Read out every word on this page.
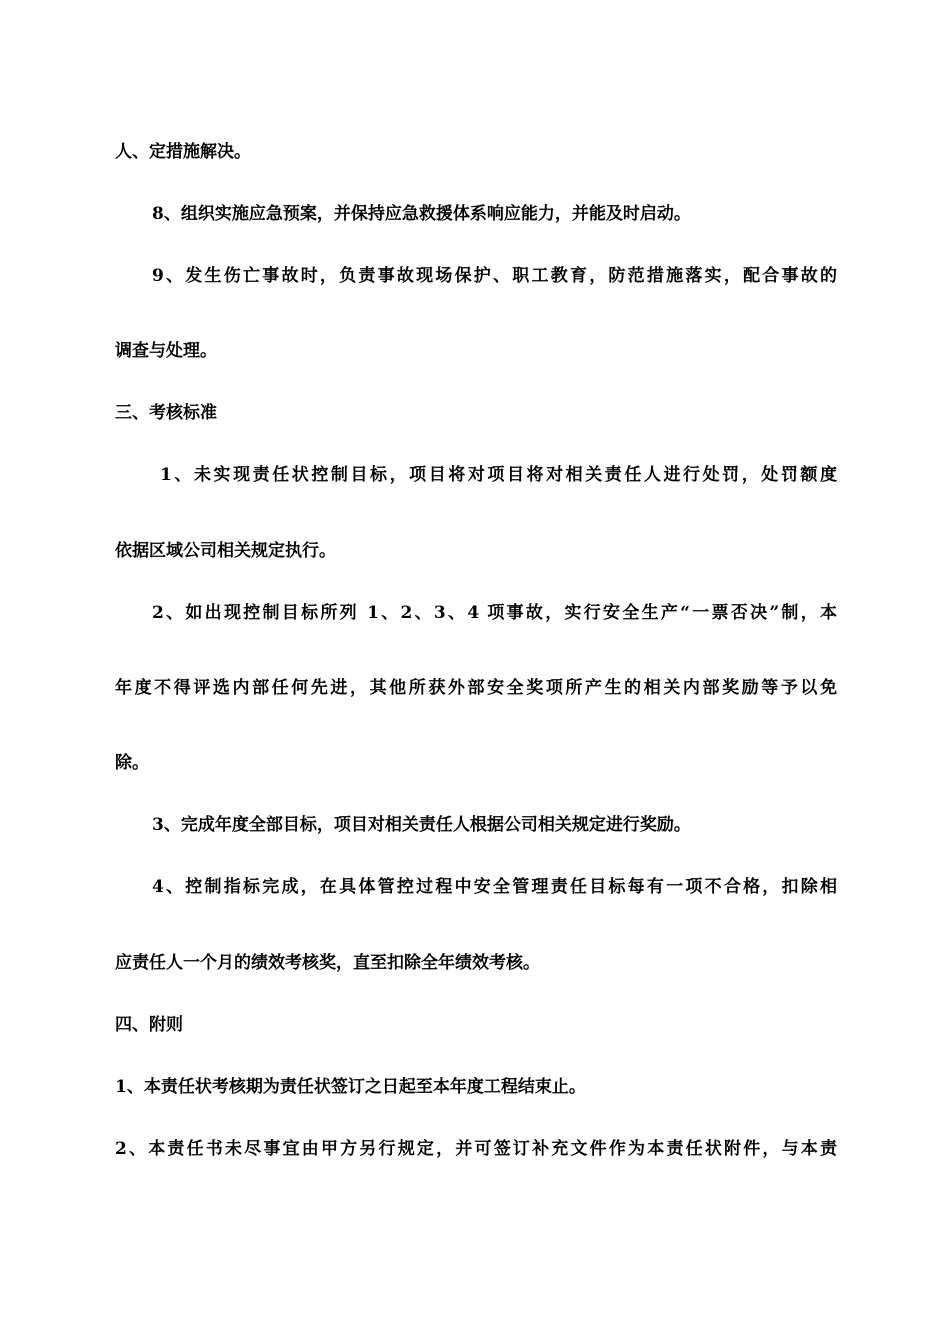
人、定措施解决。

8、组织实施应急预案，并保持应急救援体系响应能力，并能及时启动。

9、发生伤亡事故时，负责事故现场保护、职工教育，防范措施落实，配合事故的

调查与处理。

三、考核标准

1、未实现责任状控制目标，项目将对项目将对相关责任人进行处罚，处罚额度

依据区域公司相关规定执行。

2、如出现控制目标所列 1、2、3、4 项事故，实行安全生产“一票否决”制，本

年度不得评选内部任何先进，其他所获外部安全奖项所产生的相关内部奖励等予以免

除。

3、完成年度全部目标，项目对相关责任人根据公司相关规定进行奖励。

4、控制指标完成，在具体管控过程中安全管理责任目标每有一项不合格，扣除相

应责任人一个月的绩效考核奖，直至扣除全年绩效考核。

四、附则

1、本责任状考核期为责任状签订之日起至本年度工程结束止。

2、本责任书未尽事宜由甲方另行规定，并可签订补充文件作为本责任状附件，与本责
